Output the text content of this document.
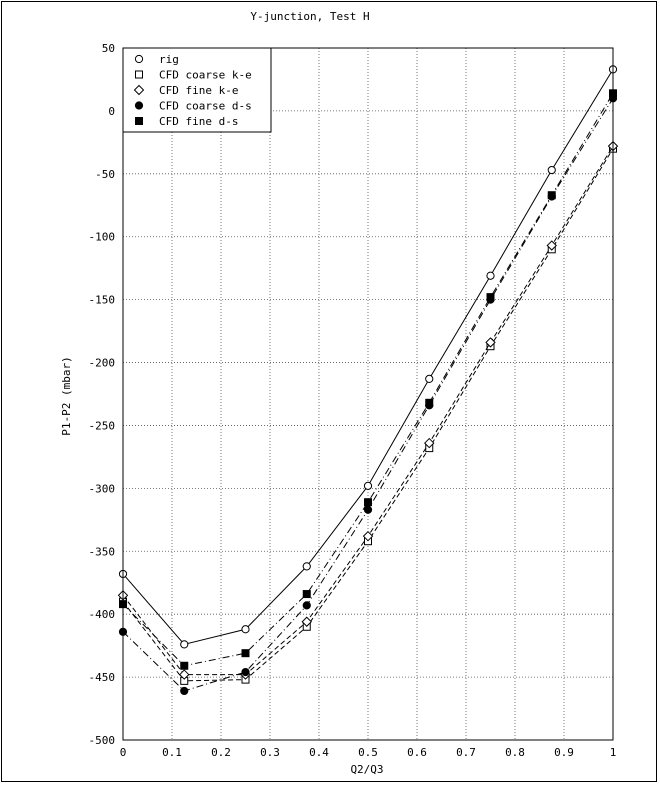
Y-junction, Test H
Q2/Q3
P1-P2 (mbar)
0	0.1	0.2	0.3	0.4	0.5	0.6	0.7	0.8	0.9	1
50
0
-50
-100
-150
-200
-250
-300
-350
-400
-450
-500
rig
CFD coarse k-e
CFD fine k-e
CFD coarse d-s
CFD fine d-s
